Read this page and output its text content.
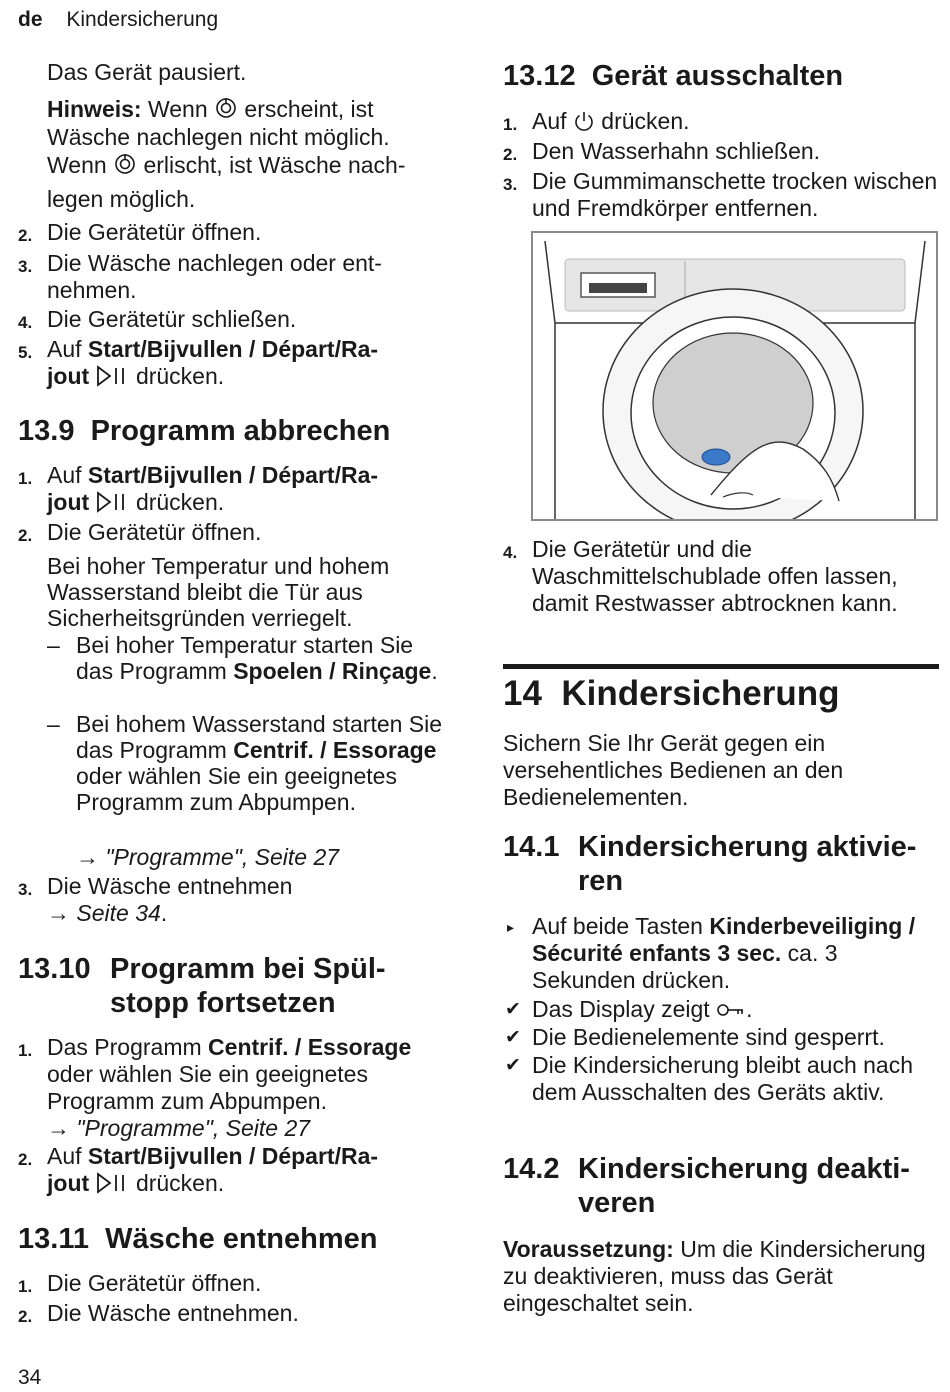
de Kindersicherung
Das Gerät pausiert.
Hinweis: Wenn  erscheint, ist
Wäsche nachlegen nicht möglich.
Wenn  erlischt, ist Wäsche nach-
legen möglich.
2. Die Gerätetür öffnen.
3. Die Wäsche nachlegen oder ent-
nehmen.
4. Die Gerätetür schließen.
5. Auf Start/Bijvullen / Départ/Ra-
jout drücken.
13.9 Programm abbrechen
1. Auf Start/Bijvullen / Départ/Ra-
jout drücken.
2. Die Gerätetür öffnen.
Bei hoher Temperatur und hohem Wasserstand bleibt die Tür aus Sicherheitsgründen verriegelt.
– Bei hoher Temperatur starten Sie das Programm Spoelen / Rinçage.
– Bei hohem Wasserstand starten Sie das Programm Centrif. / Essorage oder wählen Sie ein geeignetes Programm zum Abpumpen.
→ "Programme", Seite 27
3. Die Wäsche entnehmen
→ Seite 34.
13.10 Programm bei Spül-
stopp fortsetzen
1. Das Programm Centrif. / Essorage
oder wählen Sie ein geeignetes Programm zum Abpumpen.
→ "Programme", Seite 27
2. Auf Start/Bijvullen / Départ/Ra-
jout drücken.
13.11 Wäsche entnehmen
1. Die Gerätetür öffnen.
2. Die Wäsche entnehmen.
13.12 Gerät ausschalten
1. Auf  drücken.
2. Den Wasserhahn schließen.
3. Die Gummimanschette trocken wischen und Fremdkörper entfernen.
4. Die Gerätetür und die Waschmittelschublade offen lassen, damit Restwasser abtrocknen kann.
14 Kindersicherung
Sichern Sie Ihr Gerät gegen ein versehentliches Bedienen an den Bedienelementen.
14.1 Kindersicherung aktivie-
ren
▸ Auf beide Tasten Kinderbeveiliging / Sécurité enfants 3 sec. ca. 3 Sekunden drücken.
✔ Das Display zeigt .
✔ Die Bedienelemente sind gesperrt.
✔ Die Kindersicherung bleibt auch nach dem Ausschalten des Geräts aktiv.
14.2 Kindersicherung deakti-
veren
Voraussetzung: Um die Kindersicherung zu deaktivieren, muss das Gerät eingeschaltet sein.
34
